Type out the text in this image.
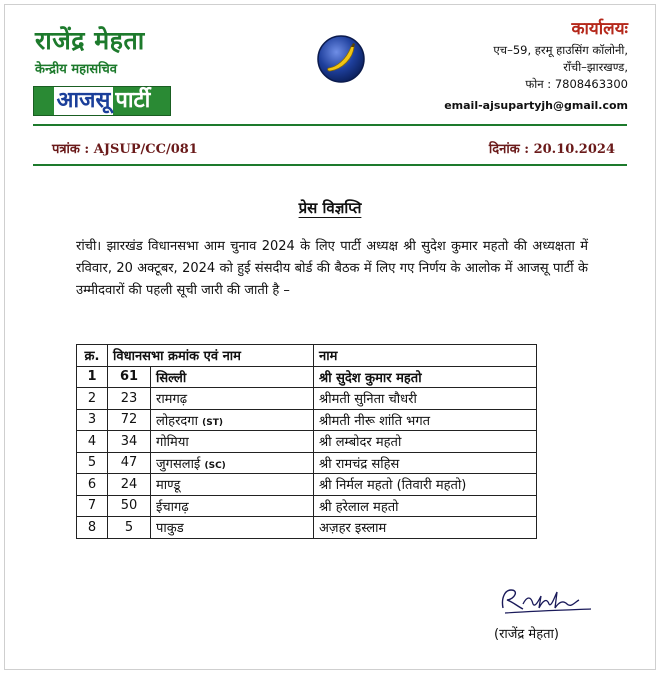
राजेंद्र मेहता
केन्द्रीय महासचिव
आजसू पार्टी
कार्यालयः
एच–59, हरमू हाउसिंग कॉलोनी,
राँची–झारखण्ड,
फोन : 7808463300
email-ajsupartyjh@gmail.com
पत्रांक : AJSUP/CC/081	दिनांक : 20.10.2024
प्रेस विज्ञप्ति
रांची। झारखंड विधानसभा आम चुनाव 2024 के लिए पार्टी अध्यक्ष श्री सुदेश कुमार महतो की अध्यक्षता में रविवार, 20 अक्टूबर, 2024 को हुई संसदीय बोर्ड की बैठक में लिए गए निर्णय के आलोक में आजसू पार्टी के उम्मीदवारों की पहली सूची जारी की जाती है –
क्र.	विधानसभा क्रमांक एवं नाम		नाम
1	61	सिल्ली	श्री सुदेश कुमार महतो
2	23	रामगढ़	श्रीमती सुनिता चौधरी
3	72	लोहरदगा (ST)	श्रीमती नीरू शांति भगत
4	34	गोमिया	श्री लम्बोदर महतो
5	47	जुगसलाई (SC)	श्री रामचंद्र सहिस
6	24	माण्डू	श्री निर्मल महतो (तिवारी महतो)
7	50	ईचागढ़	श्री हरेलाल महतो
8	5	पाकुड	अज़हर इस्लाम
(राजेंद्र मेहता)
